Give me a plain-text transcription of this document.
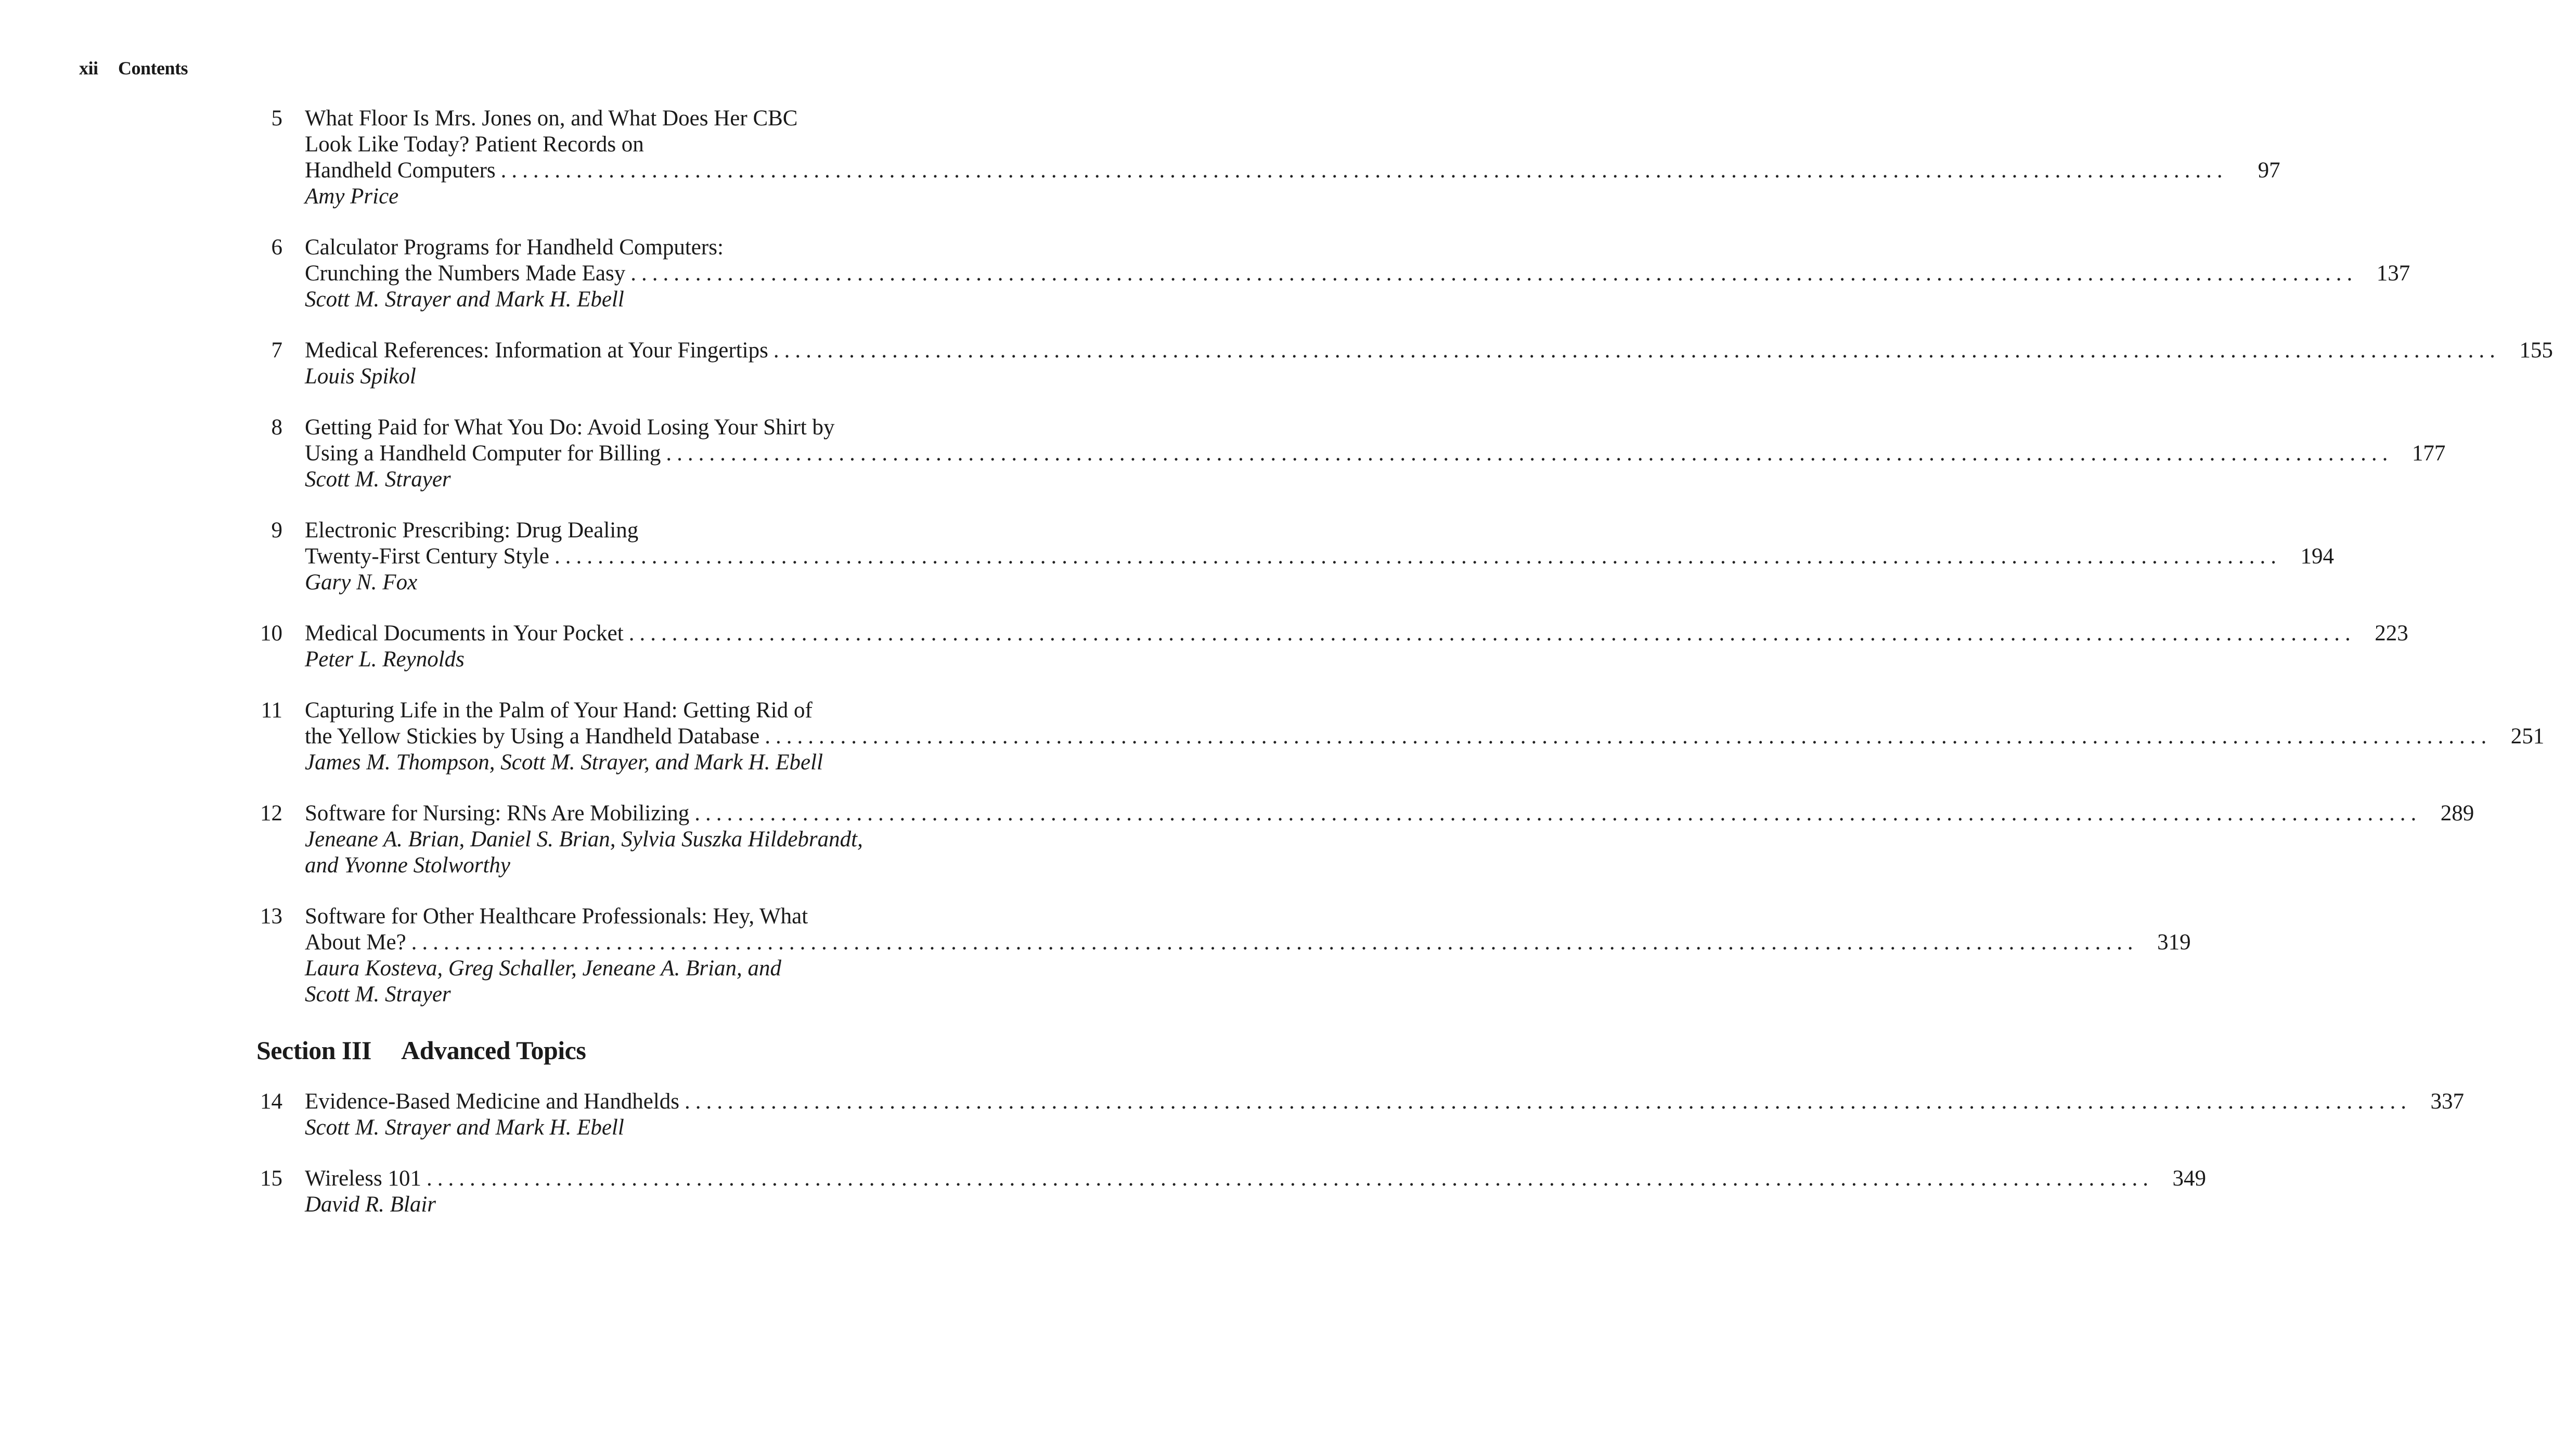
xii Contents
5 What Floor Is Mrs. Jones on, and What Does Her CBC
Look Like Today? Patient Records on
Handheld Computers ................................................................................................................................................................	97
Amy Price
6 Calculator Programs for Handheld Computers:
Crunching the Numbers Made Easy ................................................................................................................................................................ 137
Scott M. Strayer and Mark H. Ebell
7 Medical References: Information at Your Fingertips ................................................................................................................................................................ 155
Louis Spikol
8 Getting Paid for What You Do: Avoid Losing Your Shirt by
Using a Handheld Computer for Billing ................................................................................................................................................................ 177
Scott M. Strayer
9 Electronic Prescribing: Drug Dealing
Twenty-First Century Style ................................................................................................................................................................ 194
Gary N. Fox
10 Medical Documents in Your Pocket ................................................................................................................................................................ 223
Peter L. Reynolds
11 Capturing Life in the Palm of Your Hand: Getting Rid of
the Yellow Stickies by Using a Handheld Database ................................................................................................................................................................ 251
James M. Thompson, Scott M. Strayer, and Mark H. Ebell
12 Software for Nursing: RNs Are Mobilizing ................................................................................................................................................................ 289
Jeneane A. Brian, Daniel S. Brian, Sylvia Suszka Hildebrandt,
and Yvonne Stolworthy
13 Software for Other Healthcare Professionals: Hey, What
About Me? ................................................................................................................................................................ 319
Laura Kosteva, Greg Schaller, Jeneane A. Brian, and
Scott M. Strayer
Section III Advanced Topics
14 Evidence-Based Medicine and Handhelds ................................................................................................................................................................ 337
Scott M. Strayer and Mark H. Ebell
15 Wireless 101 ................................................................................................................................................................ 349
David R. Blair
